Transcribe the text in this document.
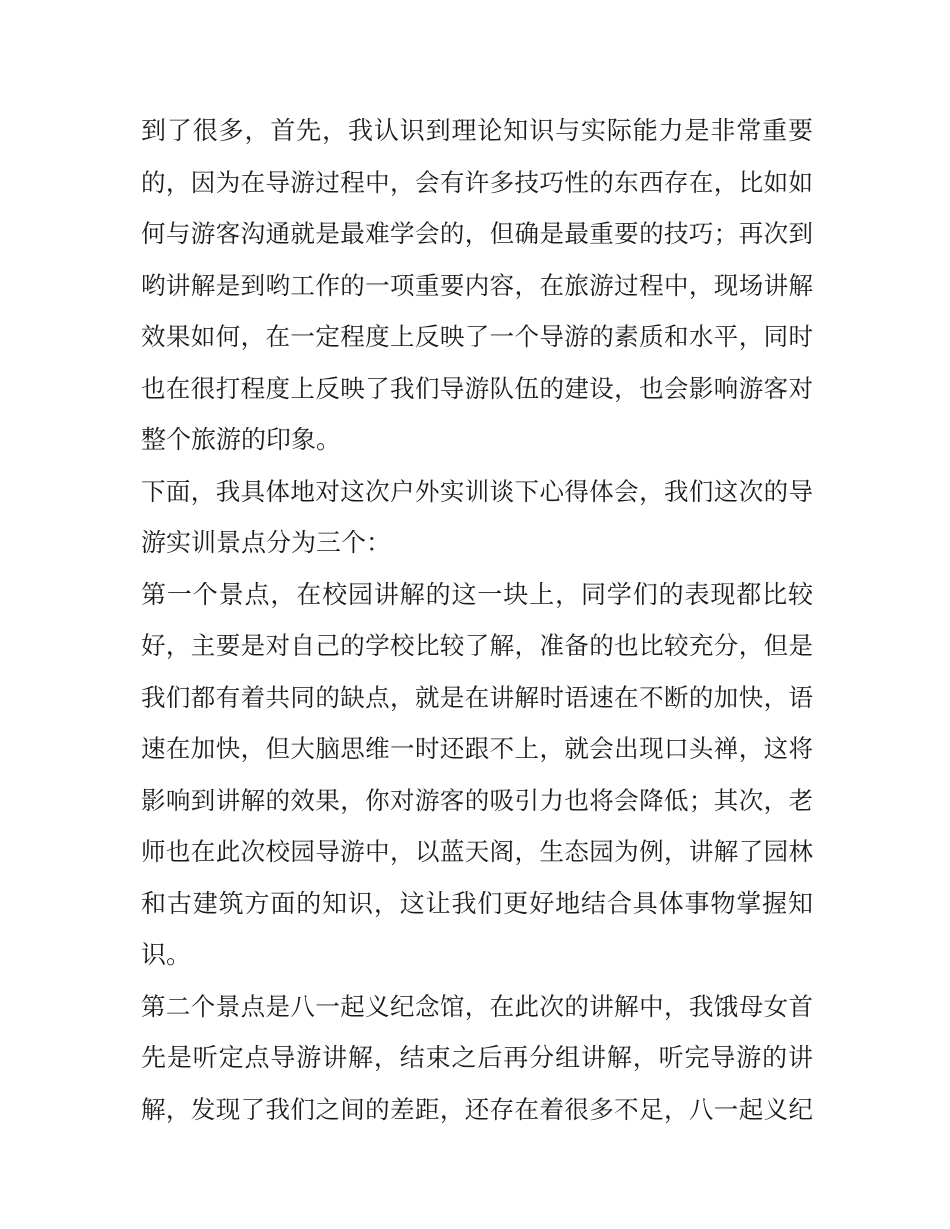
到了很多，首先，我认识到理论知识与实际能力是非常重要
的，因为在导游过程中，会有许多技巧性的东西存在，比如如
何与游客沟通就是最难学会的，但确是最重要的技巧；再次到
哟讲解是到哟工作的一项重要内容，在旅游过程中，现场讲解
效果如何，在一定程度上反映了一个导游的素质和水平，同时
也在很打程度上反映了我们导游队伍的建设，也会影响游客对
整个旅游的印象。
下面，我具体地对这次户外实训谈下心得体会，我们这次的导
游实训景点分为三个：
第一个景点，在校园讲解的这一块上，同学们的表现都比较
好，主要是对自己的学校比较了解，准备的也比较充分，但是
我们都有着共同的缺点，就是在讲解时语速在不断的加快，语
速在加快，但大脑思维一时还跟不上，就会出现口头禅，这将
影响到讲解的效果，你对游客的吸引力也将会降低；其次，老
师也在此次校园导游中，以蓝天阁，生态园为例，讲解了园林
和古建筑方面的知识，这让我们更好地结合具体事物掌握知
识。
第二个景点是八一起义纪念馆，在此次的讲解中，我饿母女首
先是听定点导游讲解，结束之后再分组讲解，听完导游的讲
解，发现了我们之间的差距，还存在着很多不足，八一起义纪
